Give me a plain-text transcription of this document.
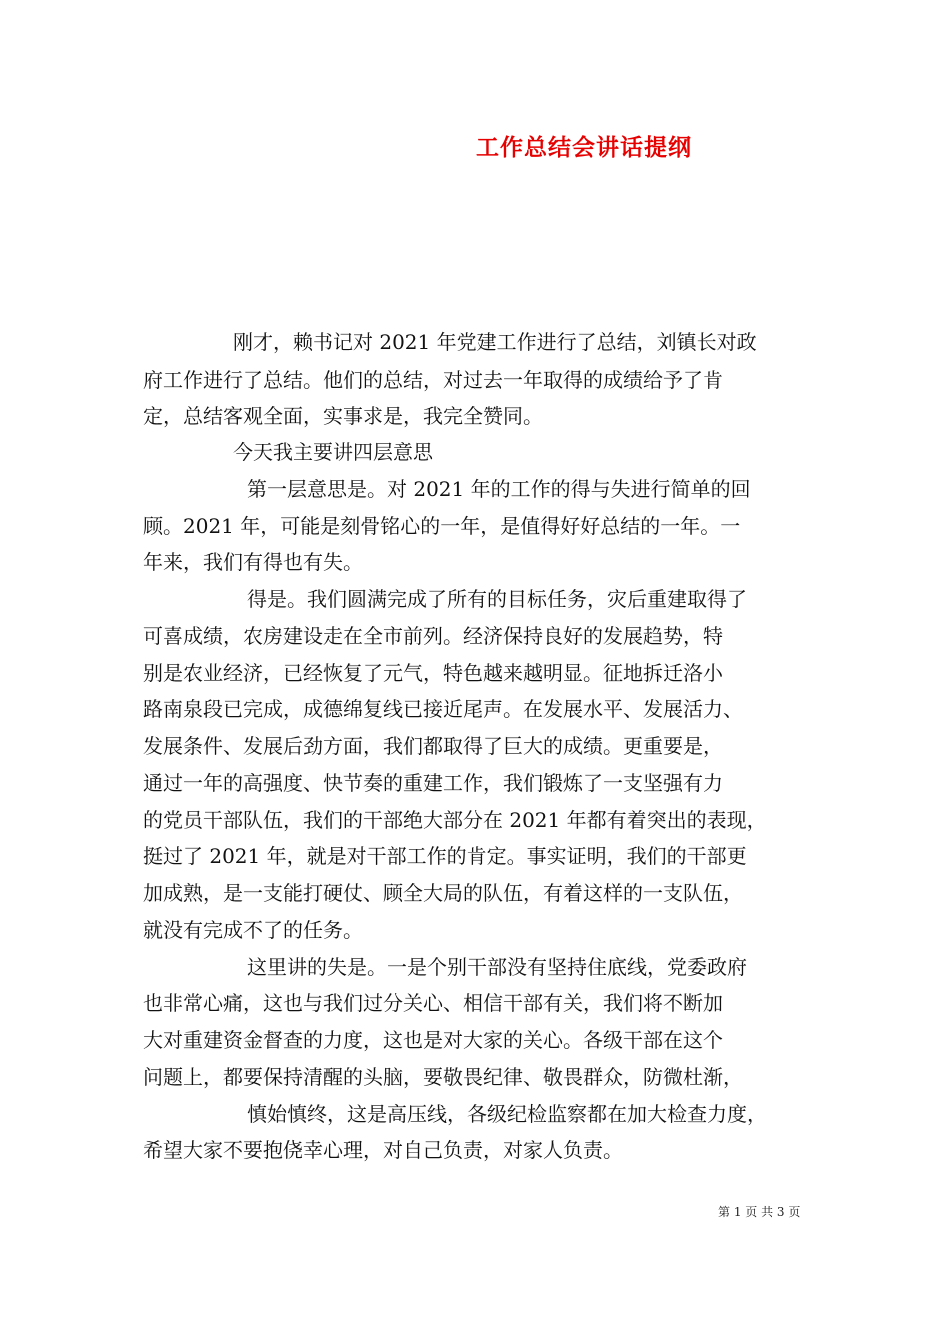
工作总结会讲话提纲

刚才，赖书记对 2021 年党建工作进行了总结，刘镇长对政

府工作进行了总结。他们的总结，对过去一年取得的成绩给予了肯

定，总结客观全面，实事求是，我完全赞同。

今天我主要讲四层意思

第一层意思是。对 2021 年的工作的得与失进行简单的回

顾。2021 年，可能是刻骨铭心的一年，是值得好好总结的一年。一

年来，我们有得也有失。

得是。我们圆满完成了所有的目标任务，灾后重建取得了

可喜成绩，农房建设走在全市前列。经济保持良好的发展趋势，特

别是农业经济，已经恢复了元气，特色越来越明显。征地拆迁洛小

路南泉段已完成，成德绵复线已接近尾声。在发展水平、发展活力、

发展条件、发展后劲方面，我们都取得了巨大的成绩。更重要是，

通过一年的高强度、快节奏的重建工作，我们锻炼了一支坚强有力

的党员干部队伍，我们的干部绝大部分在 2021 年都有着突出的表现，

挺过了 2021 年，就是对干部工作的肯定。事实证明，我们的干部更

加成熟，是一支能打硬仗、顾全大局的队伍，有着这样的一支队伍，

就没有完成不了的任务。

这里讲的失是。一是个别干部没有坚持住底线，党委政府

也非常心痛，这也与我们过分关心、相信干部有关，我们将不断加

大对重建资金督查的力度，这也是对大家的关心。各级干部在这个

问题上，都要保持清醒的头脑，要敬畏纪律、敬畏群众，防微杜渐，

慎始慎终，这是高压线，各级纪检监察都在加大检查力度，

希望大家不要抱侥幸心理，对自己负责，对家人负责。

第 1 页 共 3 页
